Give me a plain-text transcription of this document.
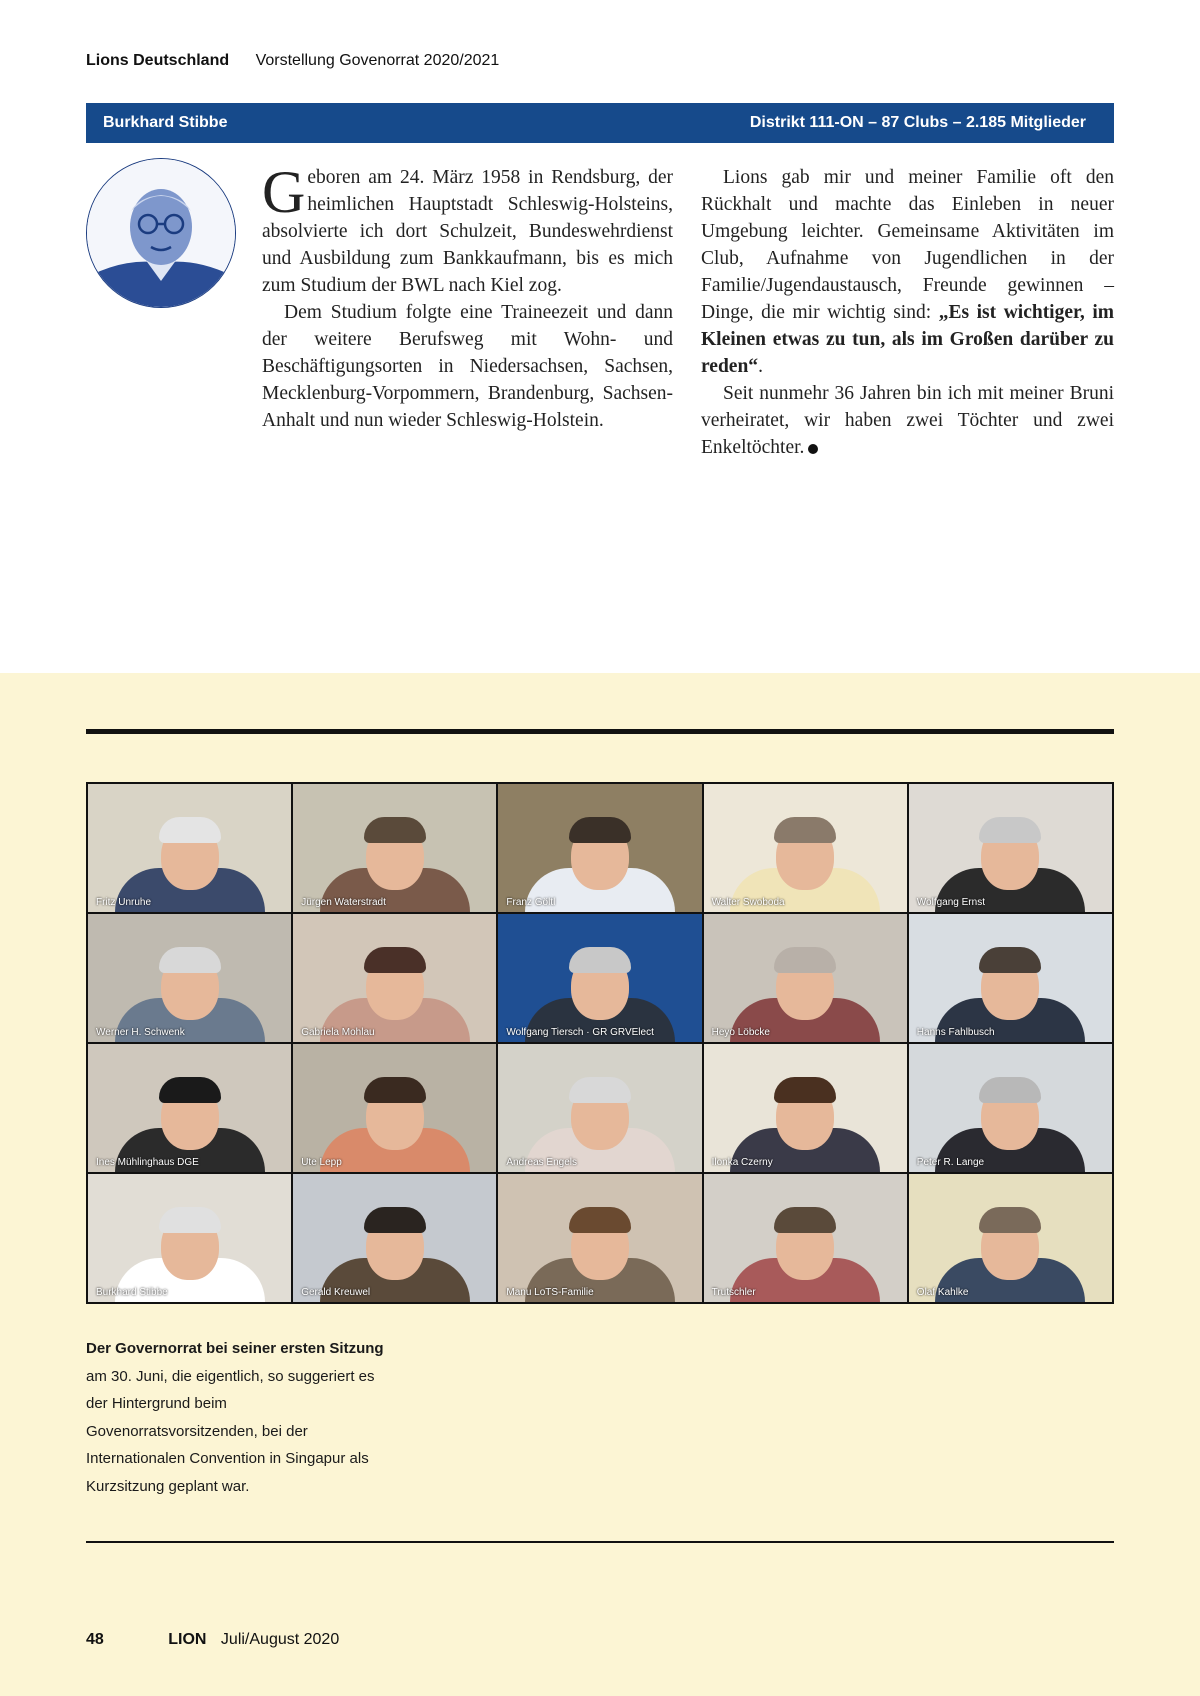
Lions Deutschland Vorstellung Govenorrat 2020/2021
Burkhard Stibbe	Distrikt 111-ON – 87 Clubs – 2.185 Mitglieder

Geboren am 24. März 1958 in Rendsburg, der heimlichen Hauptstadt Schleswig-Holsteins, absolvierte ich dort Schulzeit, Bundeswehrdienst und Ausbildung zum Bankkaufmann, bis es mich zum Studium der BWL nach Kiel zog.

Dem Studium folgte eine Traineezeit und dann der weitere Berufsweg mit Wohn- und Beschäftigungsorten in Niedersachsen, Sachsen, Mecklenburg-Vorpommern, Brandenburg, Sachsen-Anhalt und nun wieder Schleswig-Holstein.

Lions gab mir und meiner Familie oft den Rückhalt und machte das Einleben in neuer Umgebung leichter. Gemeinsame Aktivitäten im Club, Aufnahme von Jugendlichen in der Familie/Jugendaustausch, Freunde gewinnen – Dinge, die mir wichtig sind: „Es ist wichtiger, im Kleinen etwas zu tun, als im Großen darüber zu reden“.

Seit nunmehr 36 Jahren bin ich mit meiner Bruni verheiratet, wir haben zwei Töchter und zwei Enkeltöchter.

Fritz Unruhe	Jürgen Waterstradt	Franz Göltl	Walter Swoboda	Wolfgang Ernst
Werner H. Schwenk	Gabriela Mohlau	Wolfgang Tiersch · GR GRVElect	Heyo Löbcke	Hanns Fahlbusch
Ines Mühlinghaus DGE	Ute Lepp	Andreas Engels	Ilonka Czerny	Peter R. Lange
Burkhard Stibbe	Gerald Kreuwel	Manu LoTS-Familie	Trutschler	Olaf Kahlke
Der Governorrat bei seiner ersten Sitzung am 30. Juni, die eigentlich, so suggeriert es der Hintergrund beim Govenorratsvorsitzenden, bei der Internationalen Convention in Singapur als Kurzsitzung geplant war.
48	LION Juli/August 2020
